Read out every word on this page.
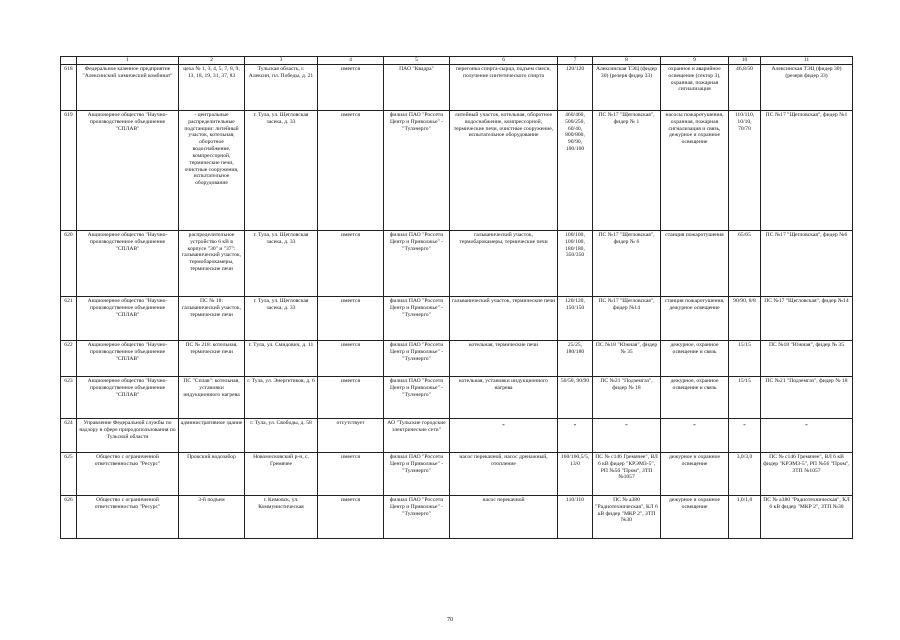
	1	2	3	4	5	6	7	8	9	10	11
618	Федеральное казенное предприятие "Алексинский химический комбинат"	цеха № 1, 3, 4, 5, 7, 8, 9, 13, 18, 19, 31, 37, 83	Тульская область, г. Алексин, пл. Победы, д. 21	имеется	ПАО "Квадра"	перегонка спирта-сырца, подъем смеси, получение синтетического спирта	120/120	Алексинская ТЭЦ (фидер 30) (резерв фидер 33)	охранное и аварийное освещение (сектор 3), охранная, пожарная сигнализация	46,8/50	Алексинская ТЭЦ (фидер 30) (резерв фидер 33)
619	Акционерное общество "Научно-производственное объединение "СПЛАВ"	- центральные распределительные подстанции: литейный участок, котельная, оборотное водоснабжение, компрессорной, термические печи, очистные сооружения, испытательное оборудование	г. Тула, ул. Щегловская засека, д. 33	имеется	филиал ПАО "Россети Центр и Приволжье" - "Тулэнерго"	литейный участок, котельная, оборотное водоснабжение, компрессорной, термические печи, очистные сооружение, испытательное оборудование	460/460, 500/250, 60/40, 800/800, 90/90, 100/100	ПС №17 "Щегловская", фидер № 1	насосы пожаротушения, охранная, пожарная сигнализация и связь, дежурное и охранное освещение	110/110, 10/10, 70/70	ПС №17 "Щегловская", фидер №1
620	Акционерное общество "Научно-производственное объединение "СПЛАВ"	распределительное устройство 6 кВ в корпусе "30" и "37": гальванический участок, термобарокамеры, термические печи	г. Тула, ул. Щегловская засека, д. 33	имеется	филиал ПАО "Россети Центр и Приволжье" - "Тулэнерго"	гальванический участок, термобарокамеры, термические печи	100/100, 100/100, 180/180, 350/350	ПС №17 "Щегловская", фидер № 6	станция пожаротушения	65/65	ПС №17 "Щегловская", фидер №6
621	Акционерное общество "Научно-производственное объединение "СПЛАВ"	ПС № 18: гальванический участок, термические печи	г. Тула, ул. Щегловская засека, д. 33	имеется	филиал ПАО "Россети Центр и Приволжье" - "Тулэнерго"	гальванический участок, термические печи	120/120, 150/150	ПС №17 "Щегловская", фидер №14	станция пожаротушения, дежурное освещение	90/90, 8/8	ПС №17 "Щегловская", фидер №14
622	Акционерное общество "Научно-производственное объединение "СПЛАВ"	ПС № 218: котельная, термические печи	г. Тула, ул. Смидович, д. 11	имеется	филиал ПАО "Россети Центр и Приволжье" - "Тулэнерго"	котельная, термические печи	25/25, 180/180	ПС №18 "Южная", фидер № 35	дежурное, охранное освещение и связь	15/15	ПС №18 "Южная", фидер № 35
623	Акционерное общество "Научно-производственное объединение "СПЛАВ"	ПС "Сплав": котельная, установки индукционного нагрева	г. Тула, ул. Энергетиков, д. 6	имеется	филиал ПАО "Россети Центр и Приволжье" - "Тулэнерго"	котельная, установки индукционного нагрева	50/50, 90/90	ПС №21 "Подземгаз", фидер № 18	дежурное, охранное освещение и связь	15/15	ПС №21 "Подземгаз", фидер № 18
624	Управление Федеральной службы по надзору в сфере природопользования по Тульской области	административное здание	г. Тула, ул. Свободы, д. 58	отсутствует	АО "Тульские городские электрические сети"	-	-	-	-	-	-
625	Общество с ограниченной ответственностью "Ресурс"	Прокский водозабор	Новомосковский р-н, с. Гремячее	имеется	филиал ПАО "Россети Центр и Приволжье" - "Тулэнерго"	насос перекачной, насос дренажный, отопление	160/160,5/5, 13/0	ПС № с146 Гремячее", ВЛ 6 кВ фидер "КРЭМЗ-5", РП №56 "Пром", ЗТП №1057	дежурное и охранное освещение	3,0/3,0	ПС № с146 Гремячее", ВЛ 6 кВ фидер "КРЭМЗ-5", РП №56 "Пром", ЗТП №1057
626	Общество с ограниченной ответственностью "Ресурс"	3-й подъем	г. Кимовск, ул. Коммунистическая	имеется	филиал ПАО "Россети Центр и Приволжье" - "Тулэнерго"	насос перекачной	110/110	ПС № а380 "Радиотехническая", КЛ 6 кВ фидер "МКР 2", ЗТП №30	дежурное и охранное освещение	1,0/1,0	ПС № а380 "Радиотехническая", КЛ 6 кВ фидер "МКР 2", ЗТП №30
70
